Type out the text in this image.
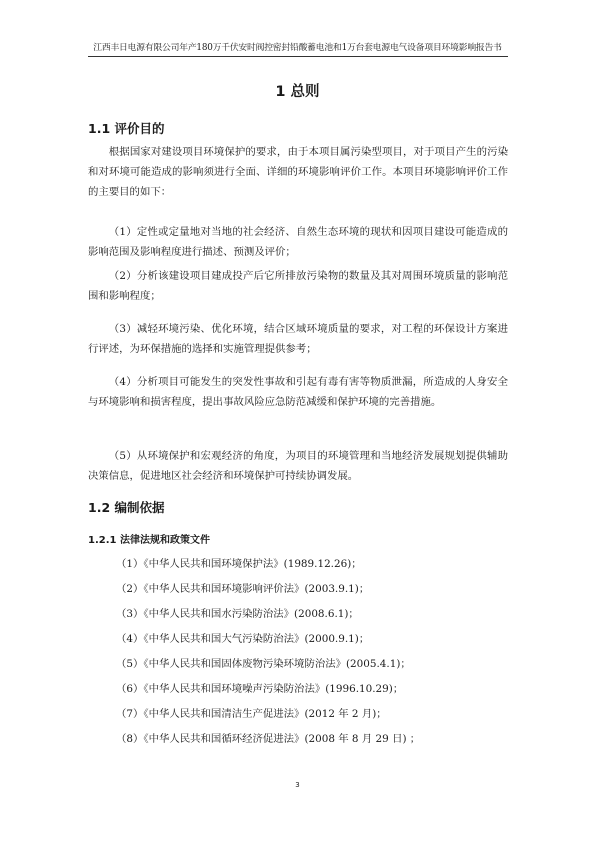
江西丰日电源有限公司年产180万千伏安时阀控密封铅酸蓄电池和1万台套电源电气设备项目环境影响报告书
1 总则
1.1 评价目的

根据国家对建设项目环境保护的要求，由于本项目属污染型项目，对于项目产生的污染和对环境可能造成的影响须进行全面、详细的环境影响评价工作。本项目环境影响评价工作的主要目的如下：

（1）定性或定量地对当地的社会经济、自然生态环境的现状和因项目建设可能造成的影响范围及影响程度进行描述、预测及评价；

（2）分析该建设项目建成投产后它所排放污染物的数量及其对周围环境质量的影响范围和影响程度；

（3）减轻环境污染、优化环境，结合区域环境质量的要求，对工程的环保设计方案进行评述，为环保措施的选择和实施管理提供参考；

（4）分析项目可能发生的突发性事故和引起有毒有害等物质泄漏，所造成的人身安全与环境影响和损害程度，提出事故风险应急防范减缓和保护环境的完善措施。

（5）从环境保护和宏观经济的角度，为项目的环境管理和当地经济发展规划提供辅助决策信息，促进地区社会经济和环境保护可持续协调发展。

1.2 编制依据
1.2.1 法律法规和政策文件
（1）《中华人民共和国环境保护法》(1989.12.26)；
（2）《中华人民共和国环境影响评价法》(2003.9.1)；
（3）《中华人民共和国水污染防治法》(2008.6.1)；
（4）《中华人民共和国大气污染防治法》(2000.9.1)；
（5）《中华人民共和国固体废物污染环境防治法》(2005.4.1)；
（6）《中华人民共和国环境噪声污染防治法》(1996.10.29)；
（7）《中华人民共和国清洁生产促进法》(2012 年 2 月)；
（8）《中华人民共和国循环经济促进法》(2008 年 8 月 29 日) ；
3
